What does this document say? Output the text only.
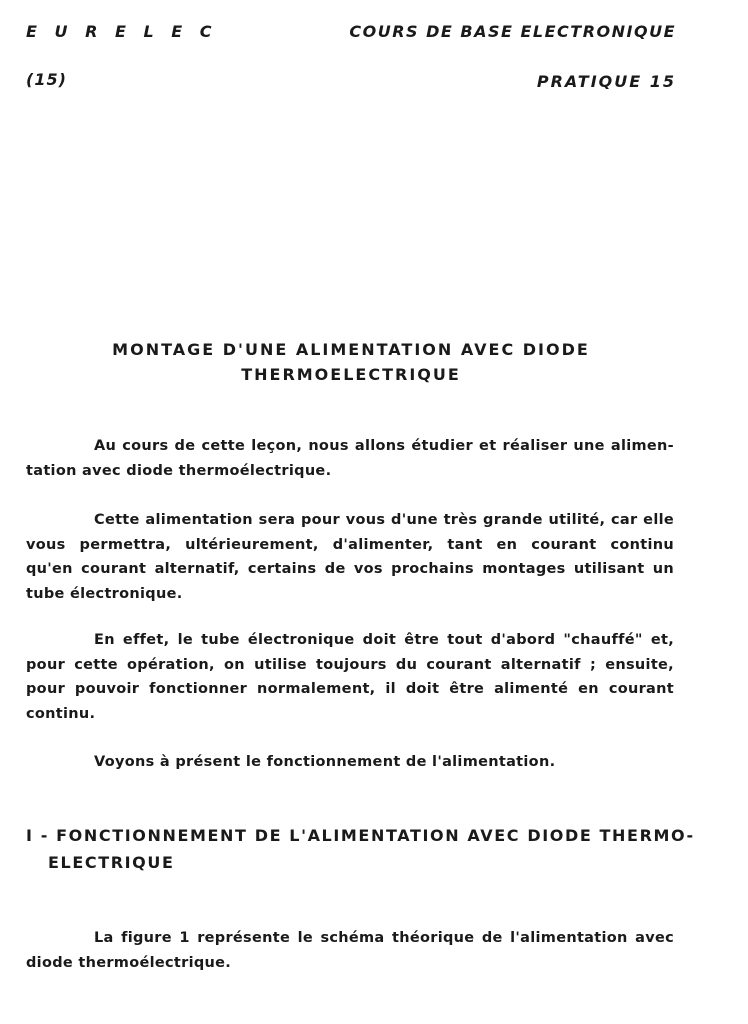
E U R E L E C	COURS DE BASE ELECTRONIQUE
(15)	PRATIQUE 15
MONTAGE D'UNE ALIMENTATION AVEC DIODE
THERMOELECTRIQUE
Au cours de cette leçon, nous allons étudier et réaliser une alimen-
tation avec diode thermoélectrique.
Cette alimentation sera pour vous d'une très grande utilité, car elle
vous permettra, ultérieurement, d'alimenter, tant en courant continu
qu'en courant alternatif, certains de vos prochains montages utilisant un
tube électronique.
En effet, le tube électronique doit être tout d'abord "chauffé" et,
pour cette opération, on utilise toujours du courant alternatif ; ensuite,
pour pouvoir fonctionner normalement, il doit être alimenté en courant
continu.
Voyons à présent le fonctionnement de l'alimentation.
I - FONCTIONNEMENT DE L'ALIMENTATION AVEC DIODE THERMO-
ELECTRIQUE
La figure 1 représente le schéma théorique de l'alimentation avec
diode thermoélectrique.
